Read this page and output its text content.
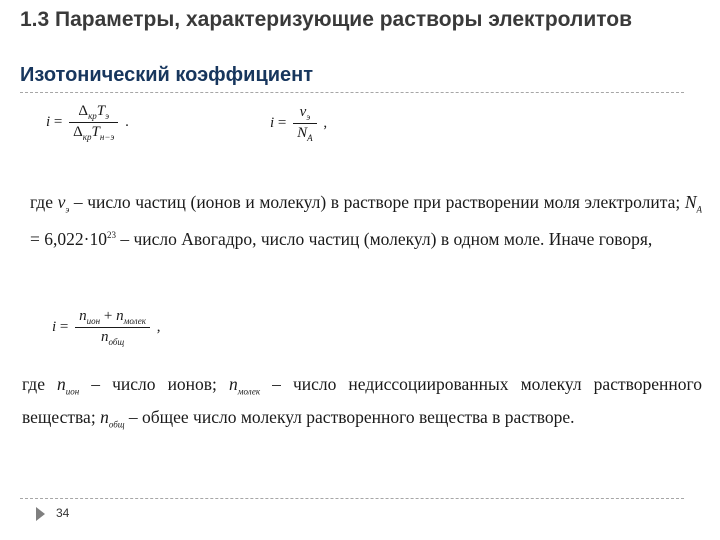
1.3 Параметры, характеризующие растворы электролитов
Изотонический коэффициент
$i = \frac{\Delta_{кр}T_э}{\Delta_{кр}T_{н-э}}$ .	$i = \frac{\nu_э}{N_A}$ ,
где $\nu_э$ – число частиц (ионов и молекул) в растворе при растворении моля электролита; $N_A = 6,022\cdot 10^{23}$ – число Авогадро, число частиц (молекул) в одном моле. Иначе говоря,
$i = \frac{n_{ион} + n_{молек}}{n_{общ}}$ ,
где $n_{ион}$ – число ионов; $n_{молек}$ – число недиссоциированных молекул растворенного вещества; $n_{общ}$ – общее число молекул растворенного вещества в растворе.
34
